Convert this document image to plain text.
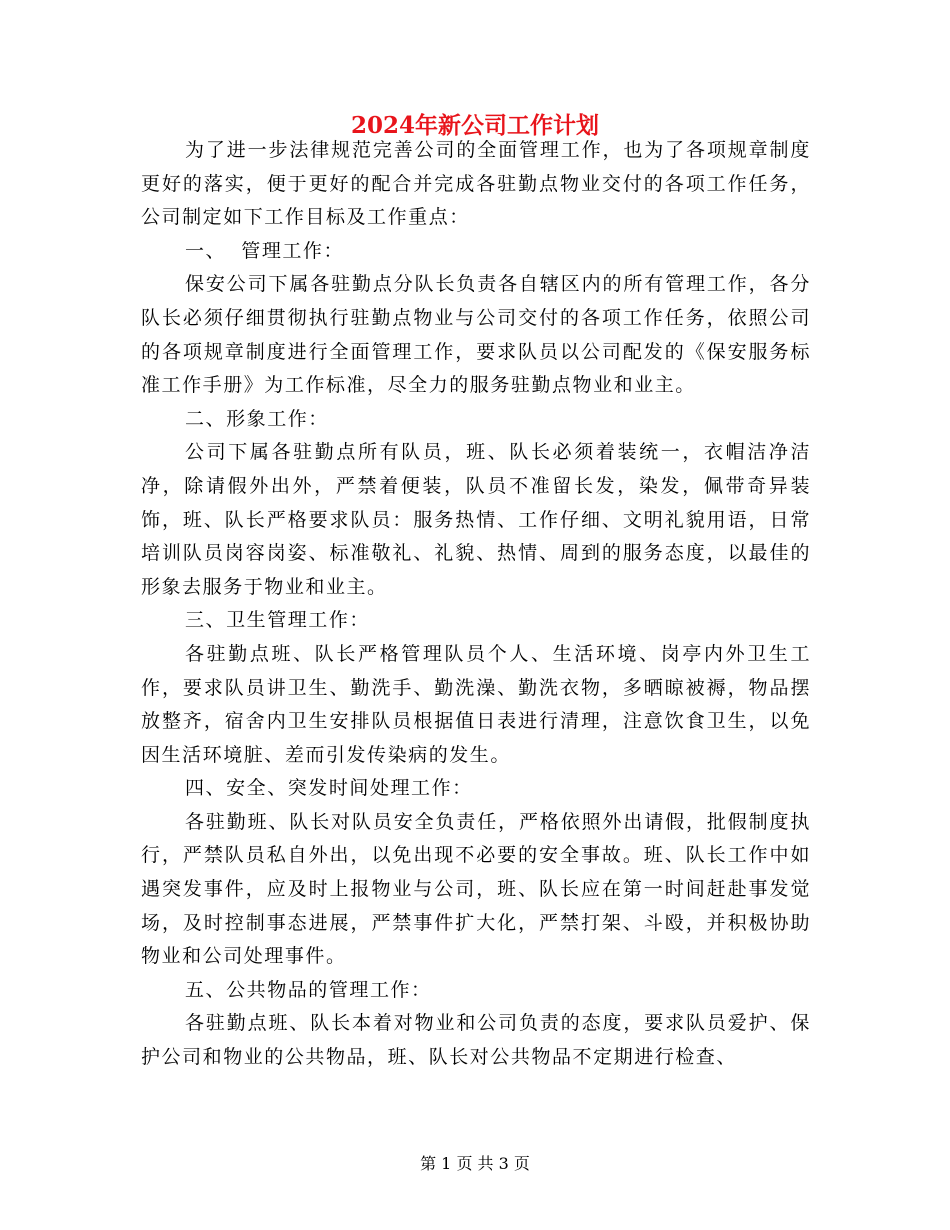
2024年新公司工作计划

为了进一步法律规范完善公司的全面管理工作，也为了各项规章制度更好的落实，便于更好的配合并完成各驻勤点物业交付的各项工作任务，公司制定如下工作目标及工作重点：

一、  管理工作：

保安公司下属各驻勤点分队长负责各自辖区内的所有管理工作，各分队长必须仔细贯彻执行驻勤点物业与公司交付的各项工作任务，依照公司的各项规章制度进行全面管理工作，要求队员以公司配发的《保安服务标准工作手册》为工作标准，尽全力的服务驻勤点物业和业主。

二、形象工作：

公司下属各驻勤点所有队员，班、队长必须着装统一，衣帽洁净洁净，除请假外出外，严禁着便装，队员不准留长发，染发，佩带奇异装饰，班、队长严格要求队员：服务热情、工作仔细、文明礼貌用语，日常培训队员岗容岗姿、标准敬礼、礼貌、热情、周到的服务态度，以最佳的形象去服务于物业和业主。

三、卫生管理工作：

各驻勤点班、队长严格管理队员个人、生活环境、岗亭内外卫生工作，要求队员讲卫生、勤洗手、勤洗澡、勤洗衣物，多晒晾被褥，物品摆放整齐，宿舍内卫生安排队员根据值日表进行清理，注意饮食卫生，以免因生活环境脏、差而引发传染病的发生。

四、安全、突发时间处理工作：

各驻勤班、队长对队员安全负责任，严格依照外出请假，批假制度执行，严禁队员私自外出，以免出现不必要的安全事故。班、队长工作中如遇突发事件，应及时上报物业与公司，班、队长应在第一时间赶赴事发觉场，及时控制事态进展，严禁事件扩大化，严禁打架、斗殴，并积极协助物业和公司处理事件。

五、公共物品的管理工作：

各驻勤点班、队长本着对物业和公司负责的态度，要求队员爱护、保护公司和物业的公共物品，班、队长对公共物品不定期进行检查、

第 1 页 共 3 页
